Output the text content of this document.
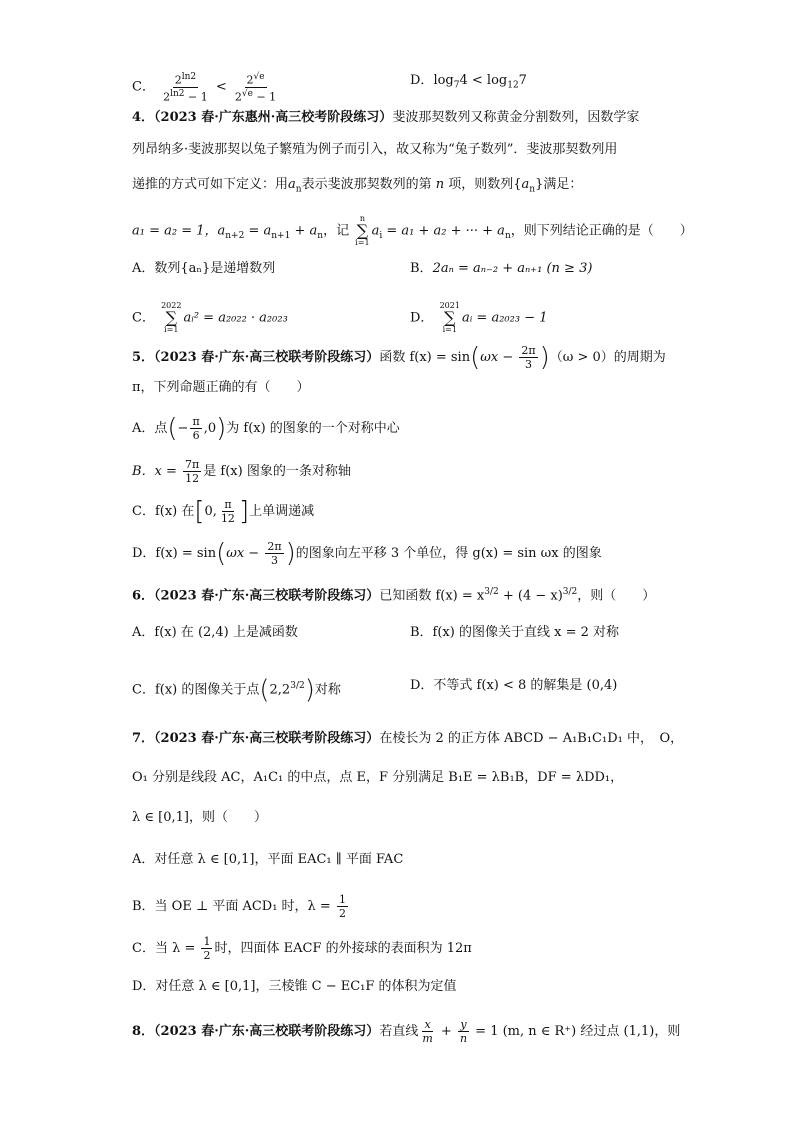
C． $\frac{2^{ln2}}{2^{ln2} - 1} < \frac{2^{√e}}{2^{√e} - 1}$	D．$\log_74 < \log_{12}7$
4．（2023 春·广东惠州·高三校考阶段练习）斐波那契数列又称黄金分割数列，因数学家
列昂纳多·斐波那契以兔子繁殖为例子而引入，故又称为“兔子数列”．斐波那契数列用
递推的方式可如下定义：用$a_n$表示斐波那契数列的第 n 项，则数列$\{a_n\}$满足：
a₁ = a₂ = 1，$a_{n+2} = a_{n+1} + a_n$，记
n
∑
i=1
$a_i = a_1 + a_2$ + ··· + $a_n$，则下列结论正确的是（　　）
A．数列{aₙ}是递增数列	B．2aₙ = aₙ₋₂ + aₙ₊₁ (n ≥ 3)
C．
2022
∑
i=1
aᵢ² = a₂₀₂₂ · a₂₀₂₃	D．
2021
∑
i=1
aᵢ = a₂₀₂₃ − 1
5．（2023 春·广东·高三校联考阶段练习）函数 $f(x) = \sin(\omega x - \frac{2\pi}{3} )(\omega > 0)$的周期为
π，下列命题正确的有（　　）
A．点(− $\frac{\pi}{6} ,0$)为 f(x) 的图象的一个对称中心
B．$x = \frac{7\pi}{12}$ 是 f(x) 图象的一条对称轴
C．f(x) 在[0, $\frac{\pi}{12}$ ]上单调递减
D．$f(x) = \sin(\omega x - \frac{2\pi}{3}$ )的图象向左平移 3 个单位，得 g(x) = sin ωx 的图象
6．（2023 春·广东·高三校联考阶段练习）已知函数 $f(x) = x^{3/2} + (4 - x)^{3/2}$，则（　　）
A．f(x) 在 (2,4) 上是减函数	B．f(x) 的图像关于直线 x = 2 对称
C．f(x) 的图像关于点$(2,2^{3/2})$对称	D．不等式 f(x) < 8 的解集是 (0,4)
7．（2023 春·广东·高三校联考阶段练习）在棱长为 2 的正方体 ABCD − A₁B₁C₁D₁ 中，　O，
O₁ 分别是线段 AC，A₁C₁ 的中点，点 E，F 分别满足 B₁E = λB₁B，DF = λDD₁，
λ ∈ [0,1]，则（　　）
A．对任意 λ ∈ [0,1]，平面 EAC₁ ∥ 平面 FAC
B．当 OE ⊥ 平面 ACD₁ 时，$\lambda = \frac{1}{2}$
C．当 $\lambda = \frac{1}{2}$ 时，四面体 EACF 的外接球的表面积为 12π
D．对任意 λ ∈ [0,1]，三棱锥 C − EC₁F 的体积为定值
8．（2023 春·广东·高三校联考阶段练习）若直线 $\frac{x}{m} + \frac{y}{n} = 1$ (m, n ∈ R⁺) 经过点 (1,1)，则
